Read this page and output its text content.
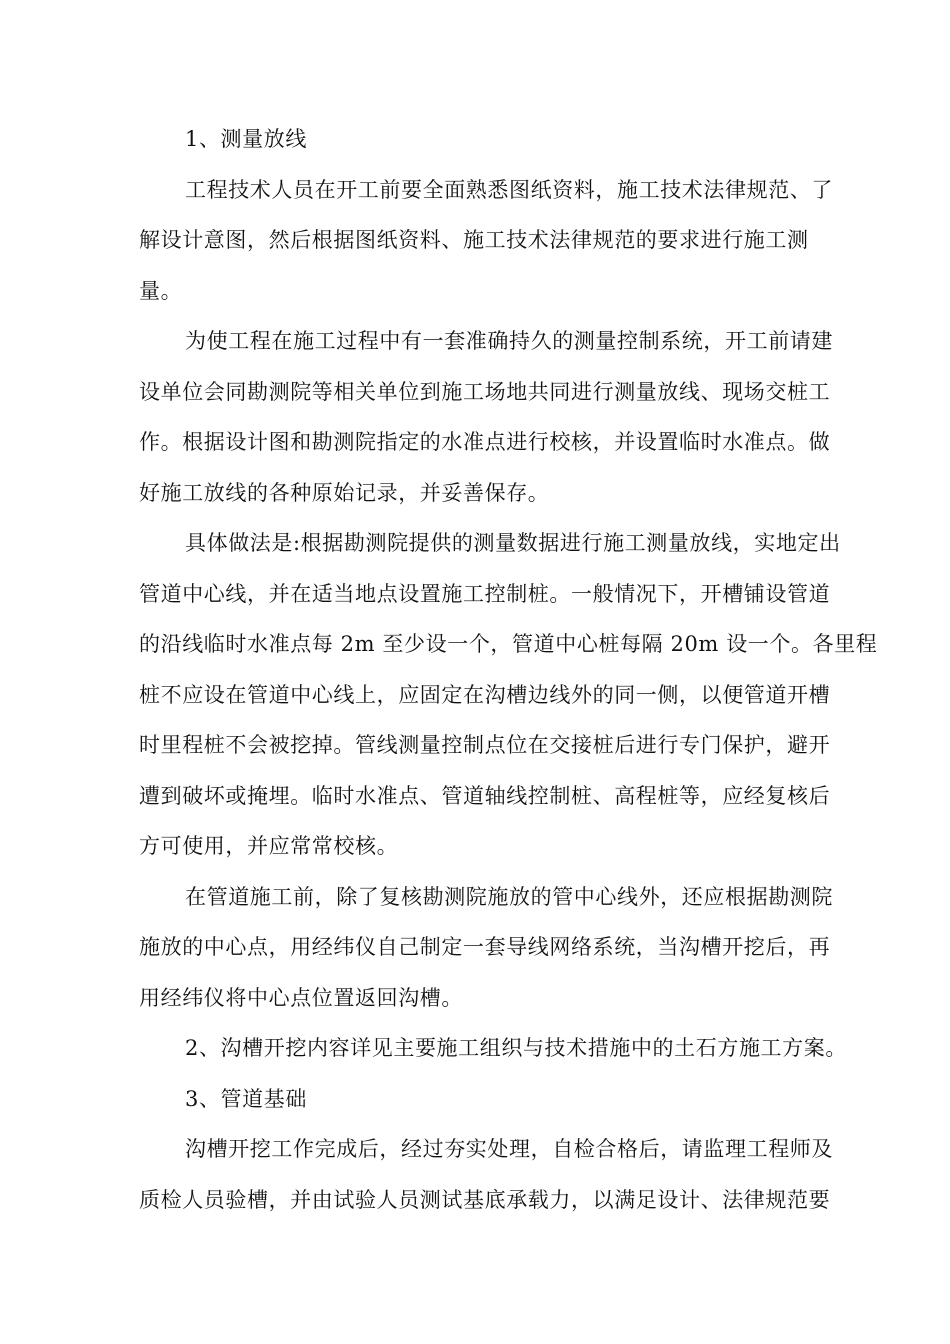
1、测量放线
工程技术人员在开工前要全面熟悉图纸资料，施工技术法律规范、了
解设计意图，然后根据图纸资料、施工技术法律规范的要求进行施工测
量。
为使工程在施工过程中有一套准确持久的测量控制系统，开工前请建
设单位会同勘测院等相关单位到施工场地共同进行测量放线、现场交桩工
作。根据设计图和勘测院指定的水准点进行校核，并设置临时水准点。做
好施工放线的各种原始记录，并妥善保存。
具体做法是:根据勘测院提供的测量数据进行施工测量放线，实地定出
管道中心线，并在适当地点设置施工控制桩。一般情况下，开槽铺设管道
的沿线临时水准点每 2m 至少设一个，管道中心桩每隔 20m 设一个。各里程
桩不应设在管道中心线上，应固定在沟槽边线外的同一侧，以便管道开槽
时里程桩不会被挖掉。管线测量控制点位在交接桩后进行专门保护，避开
遭到破坏或掩埋。临时水准点、管道轴线控制桩、高程桩等，应经复核后
方可使用，并应常常校核。
在管道施工前，除了复核勘测院施放的管中心线外，还应根据勘测院
施放的中心点，用经纬仪自己制定一套导线网络系统，当沟槽开挖后，再
用经纬仪将中心点位置返回沟槽。
2、沟槽开挖内容详见主要施工组织与技术措施中的土石方施工方案。
3、管道基础
沟槽开挖工作完成后，经过夯实处理，自检合格后，请监理工程师及
质检人员验槽，并由试验人员测试基底承载力，以满足设计、法律规范要
